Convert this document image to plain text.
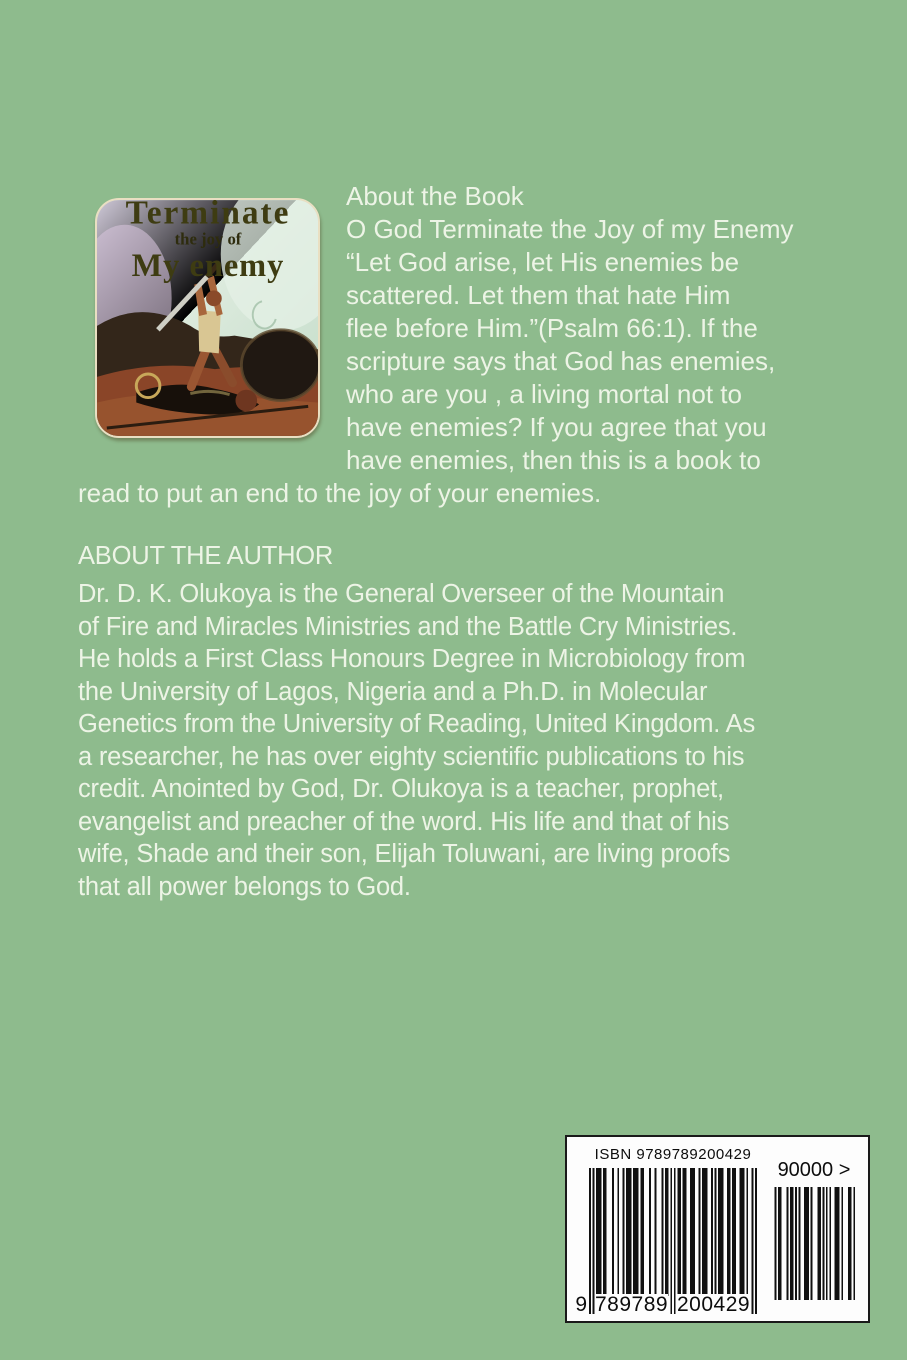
Terminate
the joy of
My enemy
About the Book
O God Terminate the Joy of my Enemy
“Let God arise, let His enemies be
scattered. Let them that hate Him
flee before Him.”(Psalm 66:1). If the
scripture says that God has enemies,
who are you , a living mortal not to
have enemies? If you agree that you
have enemies, then this is a book to
read to put an end to the joy of your enemies.
ABOUT THE AUTHOR
Dr. D. K. Olukoya is the General Overseer of the Mountain
of Fire and Miracles Ministries and the Battle Cry Ministries.
He holds a First Class Honours Degree in Microbiology from
the University of Lagos, Nigeria and a Ph.D. in Molecular
Genetics from the University of Reading, United Kingdom. As
a researcher, he has over eighty scientific publications to his
credit. Anointed by God, Dr. Olukoya is a teacher, prophet,
evangelist and preacher of the word. His life and that of his
wife, Shade and their son, Elijah Toluwani, are living proofs
that all power belongs to God.
ISBN 9789789200429
9 789789 200429
90000 >
